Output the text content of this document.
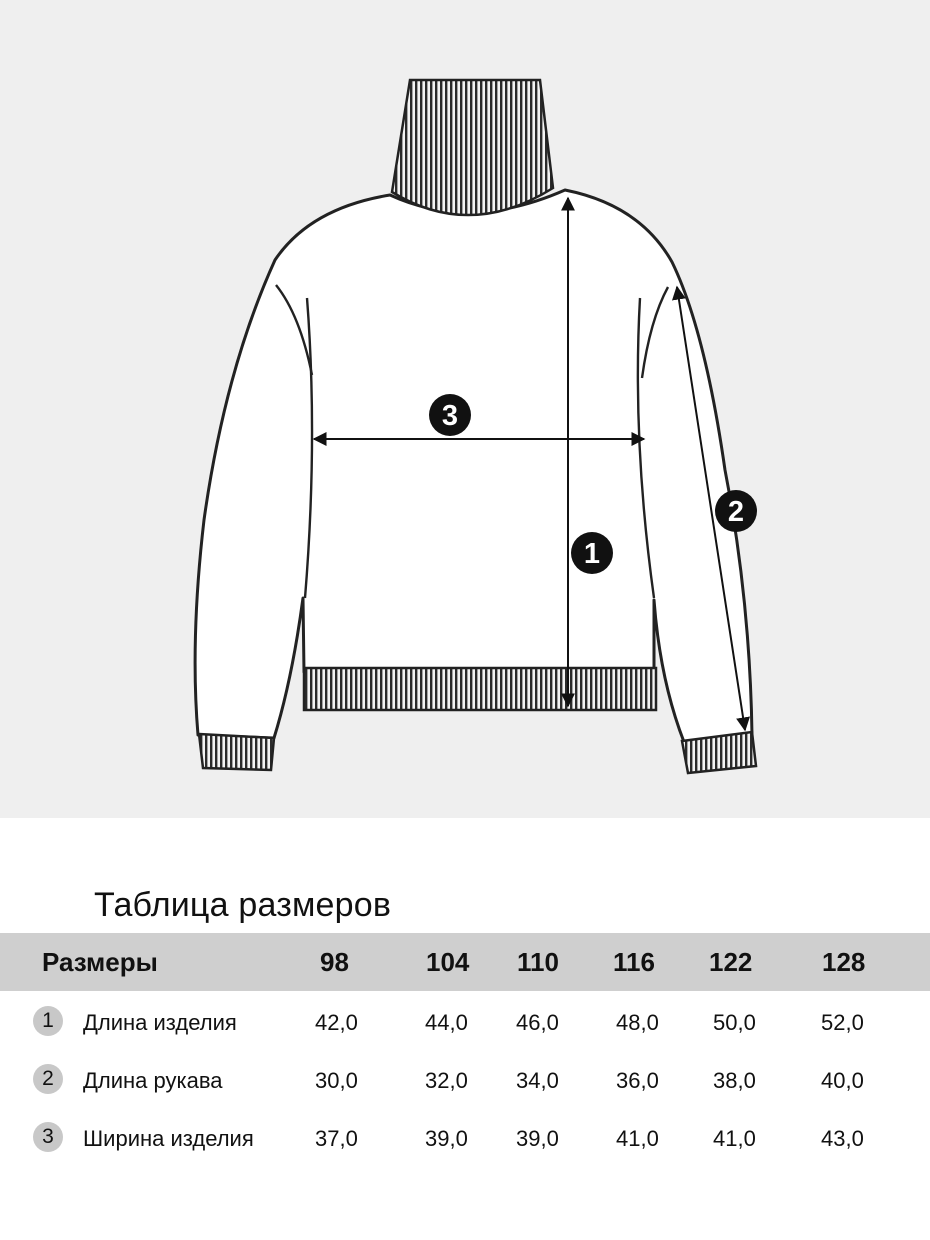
1
2
3
Таблица размеров
Размеры	98	104 110 116 122	128
1	Длина изделия	42,0	44,0 46,0	48,0 50,0	52,0
2	Длина рукава	30,0	32,0 34,0	36,0 38,0	40,0
3	Ширина изделия	37,0	39,0 39,0	41,0 41,0	43,0
